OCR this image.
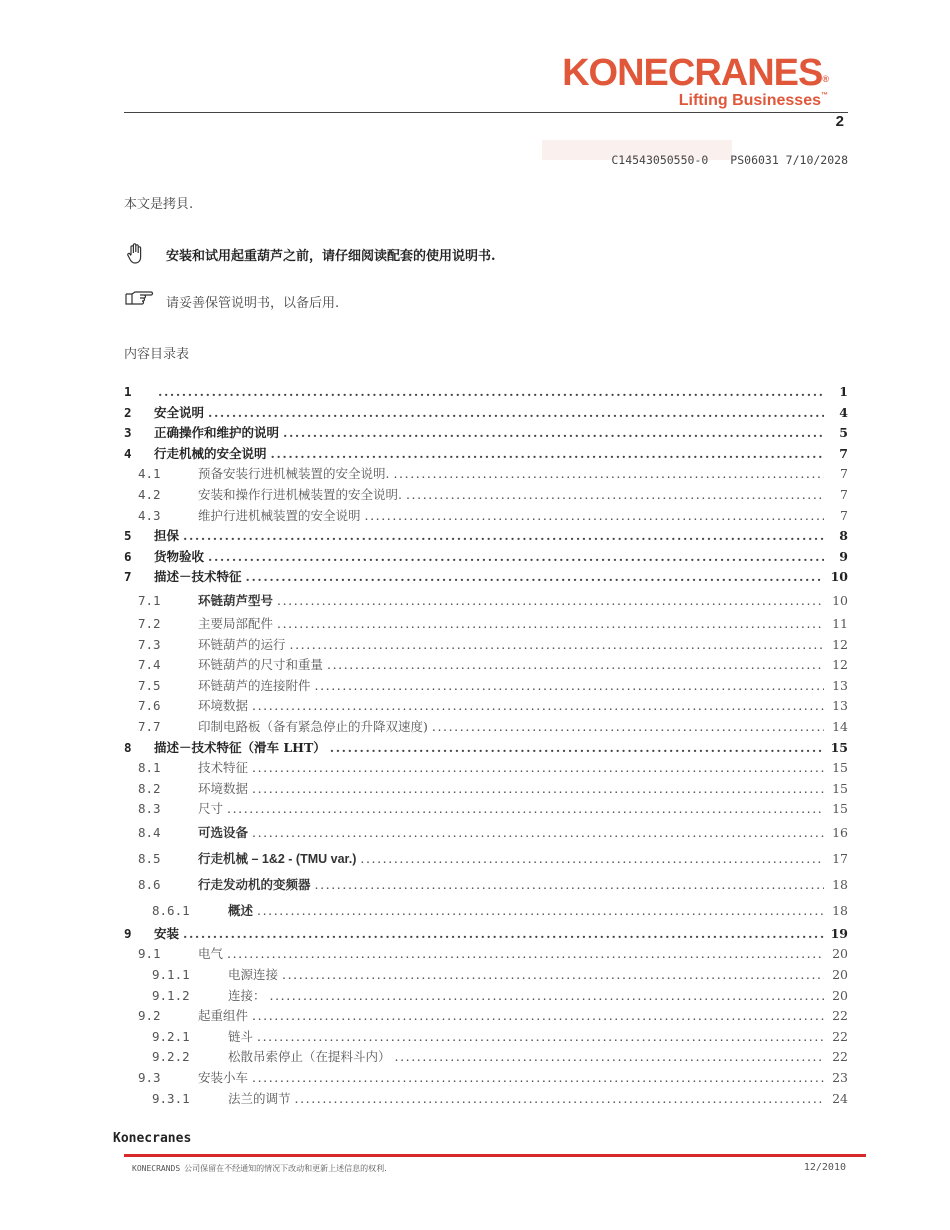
KONECRANES®
Lifting Businesses™
2
C14543050550-0 PS06031 7/10/2028
本文是拷貝.
安装和试用起重葫芦之前，请仔细阅读配套的使用说明书.
请妥善保管说明书，以备后用.
内容目录表
1 .....	1
2	安全说明 .....	4
3	正确操作和维护的说明 .....	5
4	行走机械的安全说明 .....	7
4.1	预备安装行进机械装置的安全说明. .....	7
4.2	安装和操作行进机械装置的安全说明. .....	7
4.3	维护行进机械装置的安全说明 .....	7
5	担保 .....	8
6	货物验收 .....	9
7	描述－技术特征 .....	10
7.1	环链葫芦型号 .....	10
7.2	主要局部配件 .....	11
7.3	环链葫芦的运行 .....	12
7.4	环链葫芦的尺寸和重量 .....	12
7.5	环链葫芦的连接附件 .....	13
7.6	环境数据 .....	13
7.7	印制电路板（备有紧急停止的升降双速度) .....	14
8	描述－技术特征（滑车 LHT） .....	15
8.1	技术特征 .....	15
8.2	环境数据 .....	15
8.3	尺寸 .....	15
8.4	可选设备 .....	16
8.5	行走机械 – 1&2 - (TMU var.) .....	17
8.6	行走发动机的变频器 .....	18
8.6.1	概述 .....	18
9	安装 .....	19
9.1	电气 .....	20
9.1.1	电源连接 .....	20
9.1.2	连接： .....	20
9.2	起重组件 .....	22
9.2.1	链斗 .....	22
9.2.2	松散吊索停止（在提料斗内） .....	22
9.3	安装小车 .....	23
9.3.1	法兰的调节 .....	24
Konecranes
KONECRANDS 公司保留在不经通知的情况下改动和更新上述信息的权利.	12/2010
